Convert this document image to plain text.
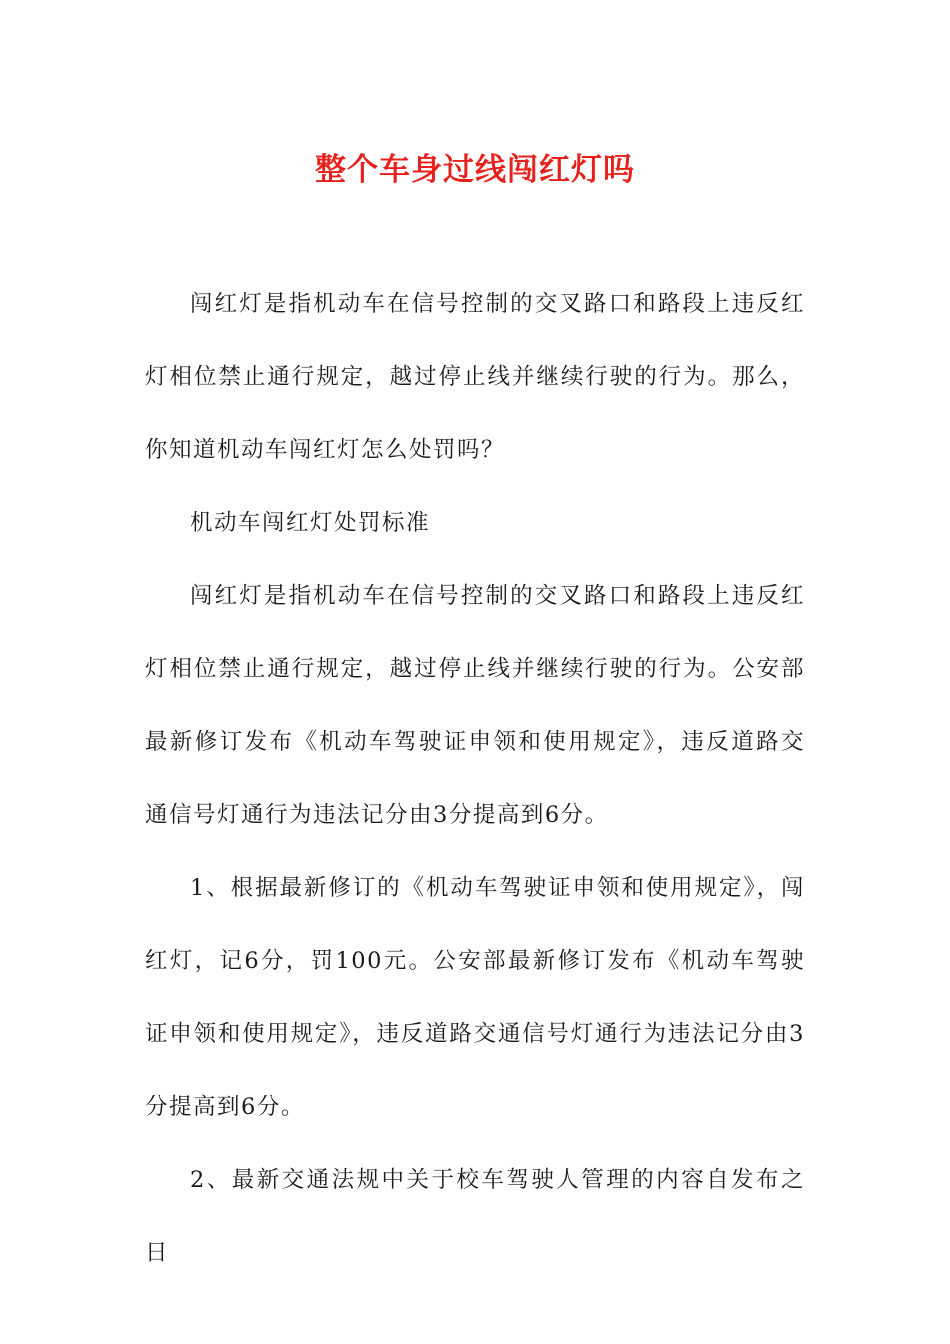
整个车身过线闯红灯吗

闯红灯是指机动车在信号控制的交叉路口和路段上违反红灯相位禁止通行规定，越过停止线并继续行驶的行为。那么，你知道机动车闯红灯怎么处罚吗？

机动车闯红灯处罚标准

闯红灯是指机动车在信号控制的交叉路口和路段上违反红灯相位禁止通行规定，越过停止线并继续行驶的行为。公安部最新修订发布《机动车驾驶证申领和使用规定》，违反道路交通信号灯通行为违法记分由3分提高到6分。

1、根据最新修订的《机动车驾驶证申领和使用规定》，闯红灯，记6分，罚100元。公安部最新修订发布《机动车驾驶证申领和使用规定》，违反道路交通信号灯通行为违法记分由3分提高到6分。

2、最新交通法规中关于校车驾驶人管理的内容自发布之日
